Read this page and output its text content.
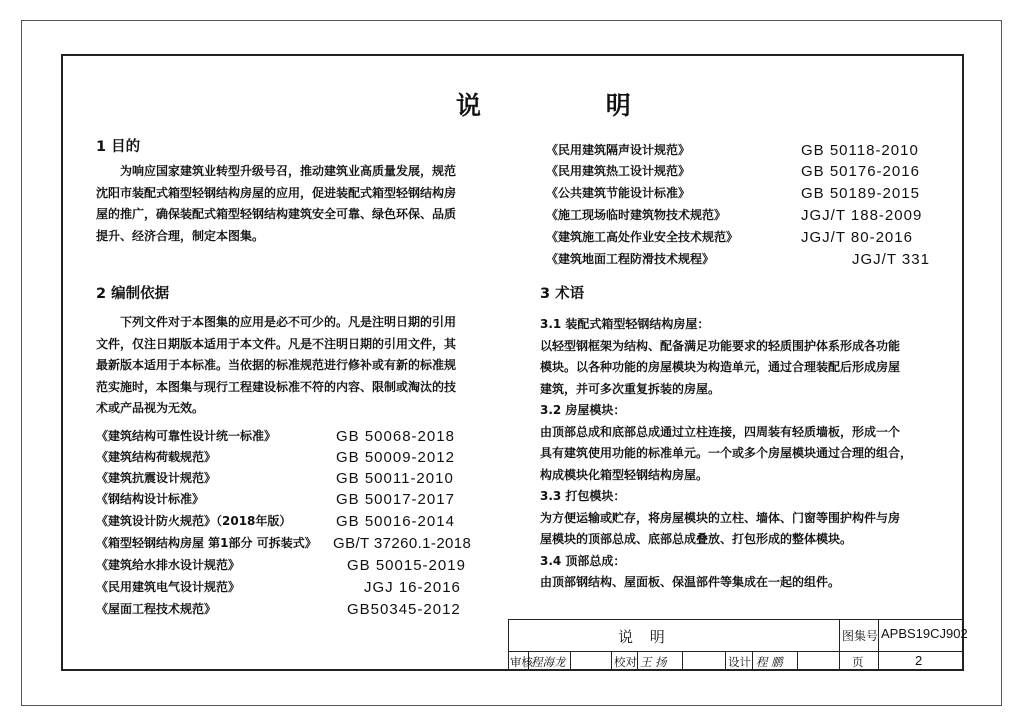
说 明
1 目的
为响应国家建筑业转型升级号召，推动建筑业高质量发展，规范
沈阳市装配式箱型轻钢结构房屋的应用，促进装配式箱型轻钢结构房
屋的推广，确保装配式箱型轻钢结构建筑安全可靠、绿色环保、品质
提升、经济合理，制定本图集。
2 编制依据
下列文件对于本图集的应用是必不可少的。凡是注明日期的引用
文件，仅注日期版本适用于本文件。凡是不注明日期的引用文件，其
最新版本适用于本标准。当依据的标准规范进行修补或有新的标准规
范实施时，本图集与现行工程建设标准不符的内容、限制或淘汰的技
术或产品视为无效。
《建筑结构可靠性设计统一标准》	GB 50068-2018
《建筑结构荷载规范》	GB 50009-2012
《建筑抗震设计规范》	GB 50011-2010
《钢结构设计标准》	GB 50017-2017
《建筑设计防火规范》（2018年版）	GB 50016-2014
《箱型轻钢结构房屋 第1部分 可拆装式》 GB/T 37260.1-2018
《建筑给水排水设计规范》	GB 50015-2019
《民用建筑电气设计规范》	JGJ 16-2016
《屋面工程技术规范》	GB50345-2012
《民用建筑隔声设计规范》	GB 50118-2010
《民用建筑热工设计规范》	GB 50176-2016
《公共建筑节能设计标准》	GB 50189-2015
《施工现场临时建筑物技术规范》	JGJ/T 188-2009
《建筑施工高处作业安全技术规范》	JGJ/T 80-2016
《建筑地面工程防滑技术规程》	JGJ/T 331
3 术语
3.1 装配式箱型轻钢结构房屋：
以轻型钢框架为结构、配备满足功能要求的轻质围护体系形成各功能
模块。以各种功能的房屋模块为构造单元，通过合理装配后形成房屋
建筑，并可多次重复拆装的房屋。
3.2 房屋模块：
由顶部总成和底部总成通过立柱连接，四周装有轻质墙板，形成一个
具有建筑使用功能的标准单元。一个或多个房屋模块通过合理的组合，
构成模块化箱型轻钢结构房屋。
3.3 打包模块：
为方便运输或贮存，将房屋模块的立柱、墙体、门窗等围护构件与房
屋模块的顶部总成、底部总成叠放、打包形成的整体模块。
3.4 顶部总成：
由顶部钢结构、屋面板、保温部件等集成在一起的组件。
说 明	图集号 APBS19CJ902
审核
程海龙	校对 王 扬	设计 程 鹏	页	2
